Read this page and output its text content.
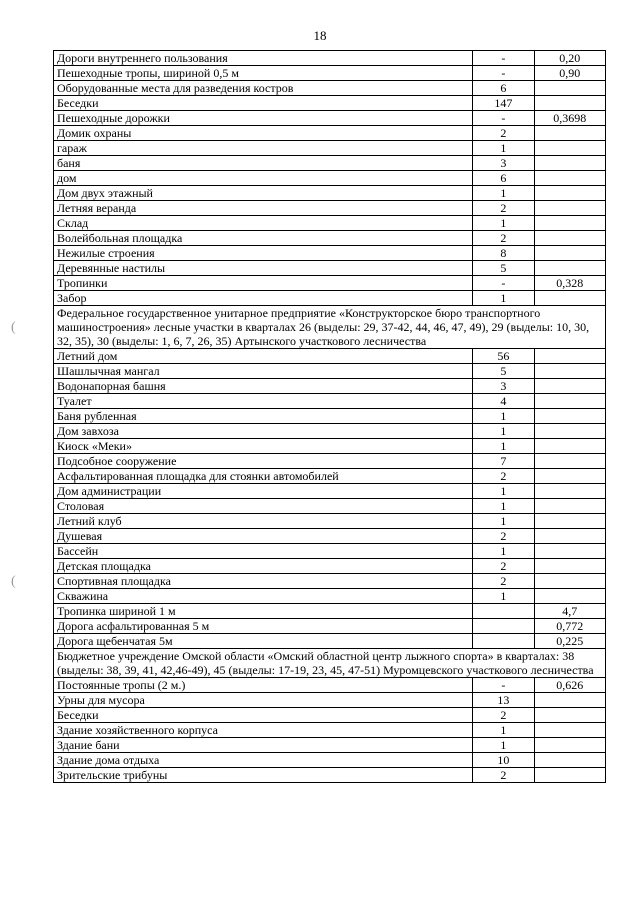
18
(
(
Дороги внутреннего пользования	-	0,20
Пешеходные тропы, шириной 0,5 м	-	0,90
Оборудованные места для разведения костров	6	
Беседки	147	
Пешеходные дорожки	-	0,3698
Домик охраны	2	
гараж	1	
баня	3	
дом	6	
Дом двух этажный	1	
Летняя веранда	2	
Склад	1	
Волейбольная площадка	2	
Нежилые строения	8	
Деревянные настилы	5	
Тропинки	-	0,328
Забор	1	
Федеральное государственное унитарное предприятие «Конструкторское бюро транспортного машиностроения» лесные участки в кварталах 26 (выделы: 29, 37-42, 44, 46, 47, 49), 29 (выделы: 10, 30, 32, 35), 30 (выделы: 1, 6, 7, 26, 35) Артынского участкового лесничества		
Летний дом	56	
Шашлычная мангал	5	
Водонапорная башня	3	
Туалет	4	
Баня рубленная	1	
Дом завхоза	1	
Киоск «Меки»	1	
Подсобное сооружение	7	
Асфальтированная площадка для стоянки автомобилей	2	
Дом администрации	1	
Столовая	1	
Летний клуб	1	
Душевая	2	
Бассейн	1	
Детская площадка	2	
Спортивная площадка	2	
Скважина	1	
Тропинка шириной 1 м		4,7
Дорога асфальтированная 5 м		0,772
Дорога щебенчатая 5м		0,225
Бюджетное учреждение Омской области «Омский областной центр лыжного спорта» в кварталах: 38 (выделы: 38, 39, 41, 42,46-49), 45 (выделы: 17-19, 23, 45, 47-51) Муромцевского участкового лесничества		
Постоянные тропы (2 м.)	-	0,626
Урны для мусора	13	
Беседки	2	
Здание хозяйственного корпуса	1	
Здание бани	1	
Здание дома отдыха	10	
Зрительские трибуны	2	
